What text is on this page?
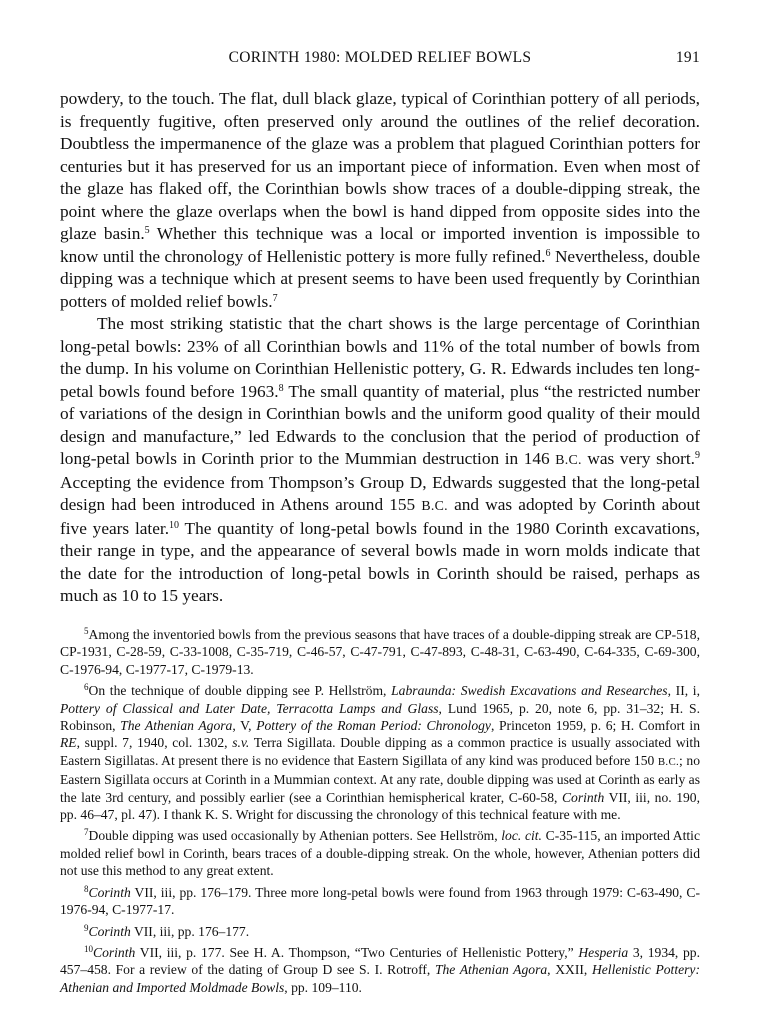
CORINTH 1980: MOLDED RELIEF BOWLS	191

powdery, to the touch. The flat, dull black glaze, typical of Corinthian pottery of all periods, is frequently fugitive, often preserved only around the outlines of the relief decoration. Doubtless the impermanence of the glaze was a problem that plagued Corinthian potters for centuries but it has preserved for us an important piece of information. Even when most of the glaze has flaked off, the Corinthian bowls show traces of a double-dipping streak, the point where the glaze overlaps when the bowl is hand dipped from opposite sides into the glaze basin.$^5$ Whether this technique was a local or imported invention is impossible to know until the chronology of Hellenistic pottery is more fully refined.$^6$ Nevertheless, double dipping was a technique which at present seems to have been used frequently by Corinthian potters of molded relief bowls.$^7$

The most striking statistic that the chart shows is the large percentage of Corinthian long-petal bowls: 23% of all Corinthian bowls and 11% of the total number of bowls from the dump. In his volume on Corinthian Hellenistic pottery, G. R. Edwards includes ten long-petal bowls found before 1963.$^8$ The small quantity of material, plus “the restricted number of variations of the design in Corinthian bowls and the uniform good quality of their mould design and manufacture,” led Edwards to the conclusion that the period of production of long-petal bowls in Corinth prior to the Mummian destruction in 146 B.C. was very short.$^9$ Accepting the evidence from Thompson’s Group D, Edwards suggested that the long-petal design had been introduced in Athens around 155 B.C. and was adopted by Corinth about five years later.$^{10}$ The quantity of long-petal bowls found in the 1980 Corinth excavations, their range in type, and the appearance of several bowls made in worn molds indicate that the date for the introduction of long-petal bowls in Corinth should be raised, perhaps as much as 10 to 15 years.

$^5$Among the inventoried bowls from the previous seasons that have traces of a double-dipping streak are CP-518, CP-1931, C-28-59, C-33-1008, C-35-719, C-46-57, C-47-791, C-47-893, C-48-31, C-63-490, C-64-335, C-69-300, C-1976-94, C-1977-17, C-1979-13.

$^6$On the technique of double dipping see P. Hellström, Labraunda: Swedish Excavations and Researches, II, i, Pottery of Classical and Later Date, Terracotta Lamps and Glass, Lund 1965, p. 20, note 6, pp. 31–32; H. S. Robinson, The Athenian Agora, V, Pottery of the Roman Period: Chronology, Princeton 1959, p. 6; H. Comfort in RE, suppl. 7, 1940, col. 1302, s.v. Terra Sigillata. Double dipping as a common practice is usually associated with Eastern Sigillatas. At present there is no evidence that Eastern Sigillata of any kind was produced before 150 B.C.; no Eastern Sigillata occurs at Corinth in a Mummian context. At any rate, double dipping was used at Corinth as early as the late 3rd century, and possibly earlier (see a Corinthian hemispherical krater, C-60-58, Corinth VII, iii, no. 190, pp. 46–47, pl. 47). I thank K. S. Wright for discussing the chronology of this technical feature with me.

$^7$Double dipping was used occasionally by Athenian potters. See Hellström, loc. cit. C-35-115, an imported Attic molded relief bowl in Corinth, bears traces of a double-dipping streak. On the whole, however, Athenian potters did not use this method to any great extent.

$^8$Corinth VII, iii, pp. 176–179. Three more long-petal bowls were found from 1963 through 1979: C-63-490, C-1976-94, C-1977-17.

$^9$Corinth VII, iii, pp. 176–177.

$^{10}$Corinth VII, iii, p. 177. See H. A. Thompson, “Two Centuries of Hellenistic Pottery,” Hesperia 3, 1934, pp. 457–458. For a review of the dating of Group D see S. I. Rotroff, The Athenian Agora, XXII, Hellenistic Pottery: Athenian and Imported Moldmade Bowls, pp. 109–110.
